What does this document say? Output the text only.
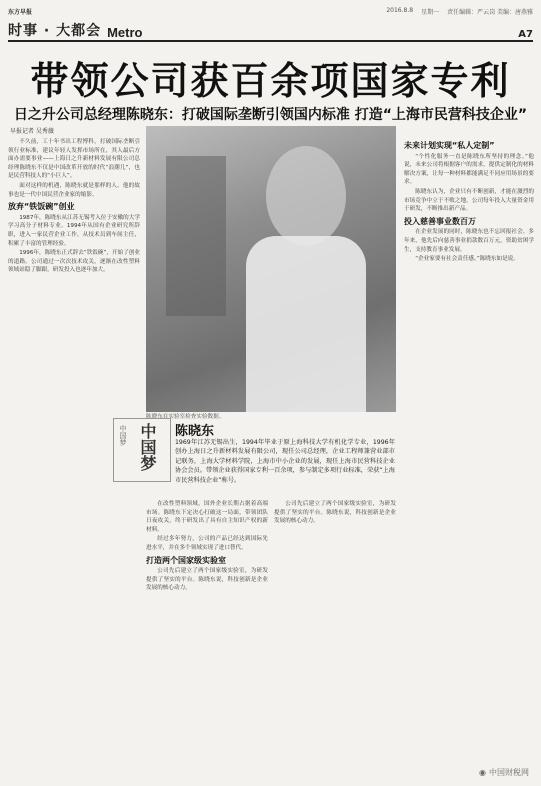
东方早报	2016.8.8 星期一 责任编辑：严云岗 美编：唐燕雅
时事 · 大都会 Metro	A7
带领公司获百余项国家专利
日之升公司总经理陈晓东：打破国际垄断引领国内标准 打造“上海市民营科技企业”
早报记者 吴秀薇

不久前，工十年书出工程博科，打破国际垄断引领行业标准，建议年轻人发挥市场所在，其人最后方面办需要事业——上海日之升新材料发展有限公司总经理陈晓东不仅是中国改革开放的时代“浪潮儿”，也是民营科技人的“小巨人”。

面对这样的机遇，陈晓东就是那样的人。他的故事也是一代中国民营企业家的缩影。

放弃“铁饭碗”创业

1987年，陈晓东从江苏无锡考入位于安徽的大学学习高分子材料专业。1994年从国有企业研究所辞职，进入一家民营企业工作，从技术员到车间主任，积累了丰富的管理经验。

1996年，陈晓东正式辞去“铁饭碗”，开始了创业的道路。公司通过一次次技术攻关，逐渐在改性塑料领域站稳了脚跟，研发投入也逐年加大。

陈晓东在实验室检查实验数据。
中国梦 中国梦 陈晓东
1969年江苏无锡出生，1994年毕业于原上海科技大学有机化学专业，1996年创办上海日之升新材料发展有限公司，现任公司总经理，企业工程师兼营业部市记联务，上海大学材料学院，上海市中小企业的发展，现任上海市民营科技企业协会会员。带领企业获得国家专利一百余项，参与制定多项行业标准，荣获“上海市民营科技企业”称号。

在改性塑料领域，国外企业长期占据着高端市场。陈晓东下定决心打破这一局面，带领团队日夜攻关，终于研发出了具有自主知识产权的新材料。

经过多年努力，公司的产品已经达到国际先进水平，并在多个领域实现了进口替代。

打造两个国家级实验室

公司先后建立了两个国家级实验室，为研发提供了坚实的平台。陈晓东说，科技创新是企业发展的核心动力。

公司先后建立了两个国家级实验室，为研发提供了坚实的平台。陈晓东说，科技创新是企业发展的核心动力。

未来计划实现“私人定制”

“个性化服务一直是陈晓东所坚持的理念。”他说，未来公司将根据客户的需求，提供定制化的材料解决方案，让每一种材料都能满足不同应用场景的要求。

陈晓东认为，企业只有不断创新，才能在激烈的市场竞争中立于不败之地。公司每年投入大量资金用于研发，不断推出新产品。

投入慈善事业数百万

在企业发展的同时，陈晓东也不忘回报社会。多年来，他先后向慈善事业捐款数百万元，资助贫困学生，支持教育事业发展。

“企业家要有社会责任感。”陈晓东如是说。

◉ 中国财税网
